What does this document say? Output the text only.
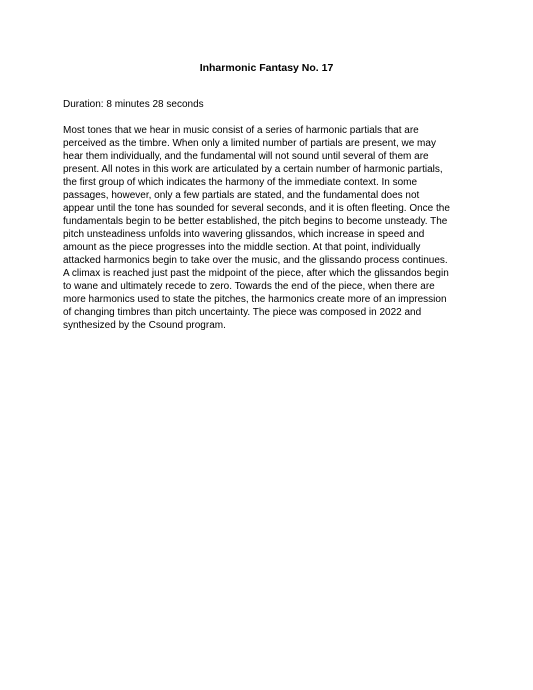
Inharmonic Fantasy No. 17

Duration: 8 minutes 28 seconds

Most tones that we hear in music consist of a series of harmonic partials that are
perceived as the timbre. When only a limited number of partials are present, we may
hear them individually, and the fundamental will not sound until several of them are
present. All notes in this work are articulated by a certain number of harmonic partials,
the first group of which indicates the harmony of the immediate context. In some
passages, however, only a few partials are stated, and the fundamental does not
appear until the tone has sounded for several seconds, and it is often fleeting. Once the
fundamentals begin to be better established, the pitch begins to become unsteady. The
pitch unsteadiness unfolds into wavering glissandos, which increase in speed and
amount as the piece progresses into the middle section. At that point, individually
attacked harmonics begin to take over the music, and the glissando process continues.
A climax is reached just past the midpoint of the piece, after which the glissandos begin
to wane and ultimately recede to zero. Towards the end of the piece, when there are
more harmonics used to state the pitches, the harmonics create more of an impression
of changing timbres than pitch uncertainty. The piece was composed in 2022 and
synthesized by the Csound program.
